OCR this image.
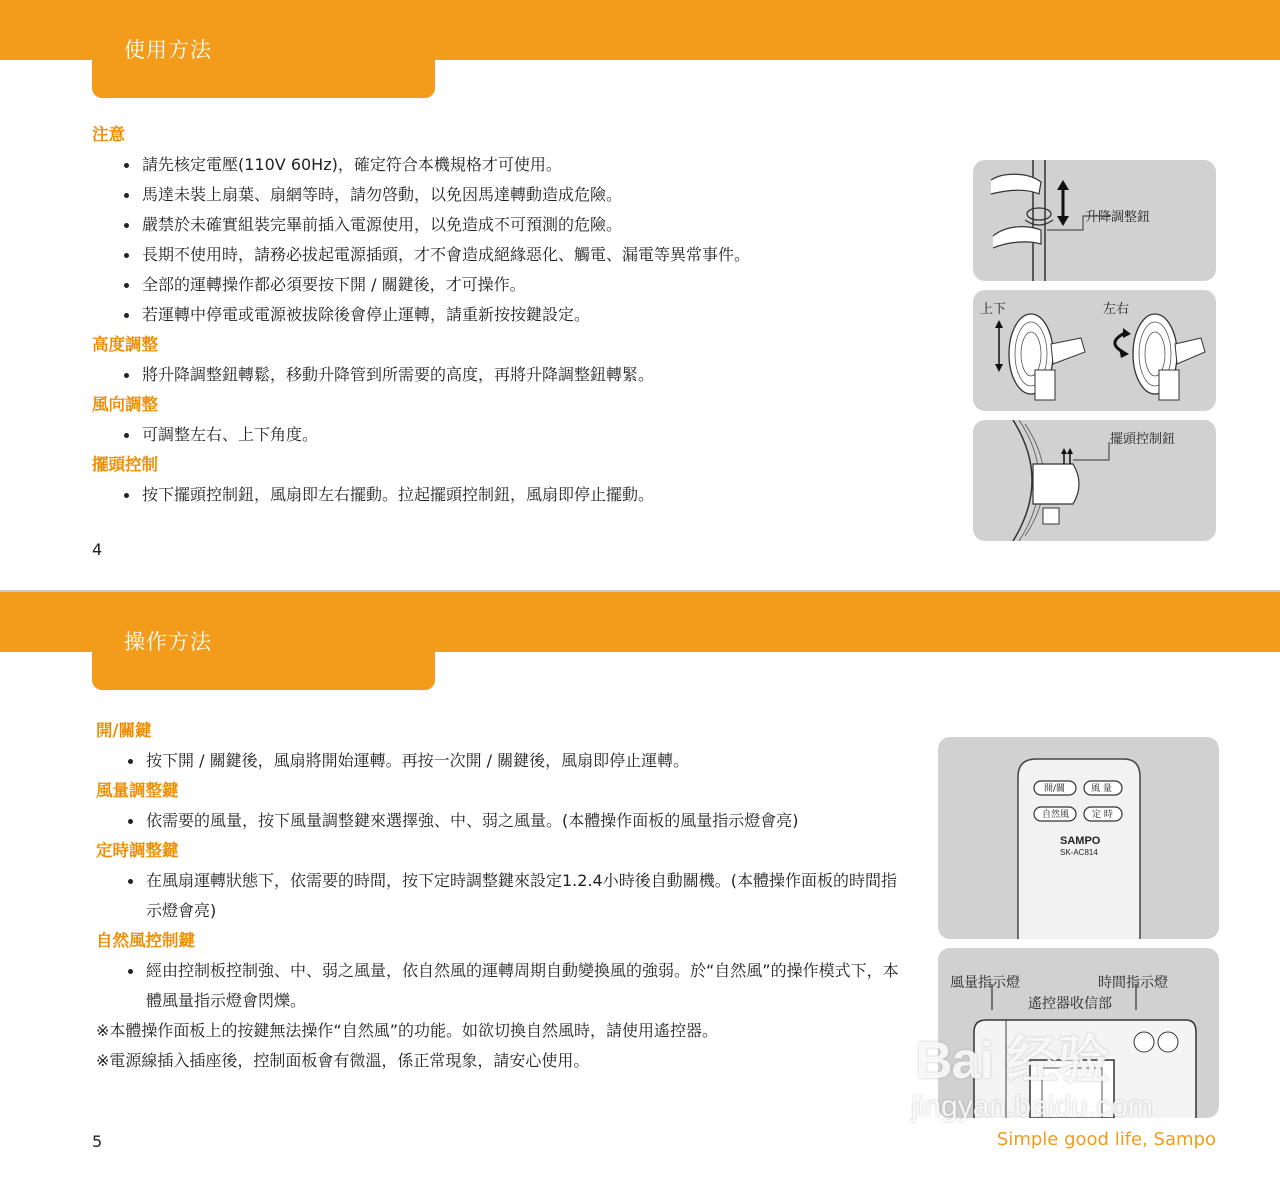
使用方法
注意
請先核定電壓(110V 60Hz)，確定符合本機規格才可使用。
馬達未裝上扇葉、扇網等時，請勿啓動，以免因馬達轉動造成危險。
嚴禁於未確實組裝完畢前插入電源使用，以免造成不可預測的危險。
長期不使用時，請務必拔起電源插頭，才不會造成絕緣惡化、觸電、漏電等異常事件。
全部的運轉操作都必須要按下開 / 關鍵後，才可操作。
若運轉中停電或電源被拔除後會停止運轉，請重新按按鍵設定。
高度調整
將升降調整鈕轉鬆，移動升降管到所需要的高度，再將升降調整鈕轉緊。
風向調整
可調整左右、上下角度。
擺頭控制
按下擺頭控制鈕，風扇即左右擺動。拉起擺頭控制鈕，風扇即停止擺動。
升降調整鈕
上下	左右
擺頭控制鈕
4
操作方法
開/關鍵
按下開 / 關鍵後，風扇將開始運轉。再按一次開 / 關鍵後，風扇即停止運轉。
風量調整鍵
依需要的風量，按下風量調整鍵來選擇強、中、弱之風量。(本體操作面板的風量指示燈會亮)
定時調整鍵
在風扇運轉狀態下，依需要的時間，按下定時調整鍵來設定1.2.4小時後自動關機。(本體操作面板的時間指示燈會亮)
自然風控制鍵
經由控制板控制強、中、弱之風量，依自然風的運轉周期自動變換風的強弱。於“自然風”的操作模式下，本體風量指示燈會閃爍。

※本體操作面板上的按鍵無法操作“自然風”的功能。如欲切換自然風時，請使用遙控器。

※電源線插入插座後，控制面板會有微溫，係正常現象，請安心使用。

開/關	風 量
自然風	定 時
SAMPO
SK-AC814
風量指示燈	時間指示燈
遙控器收信部
5	Simple good life, Sampo
Bai 经验
jingyan.baidu.com
